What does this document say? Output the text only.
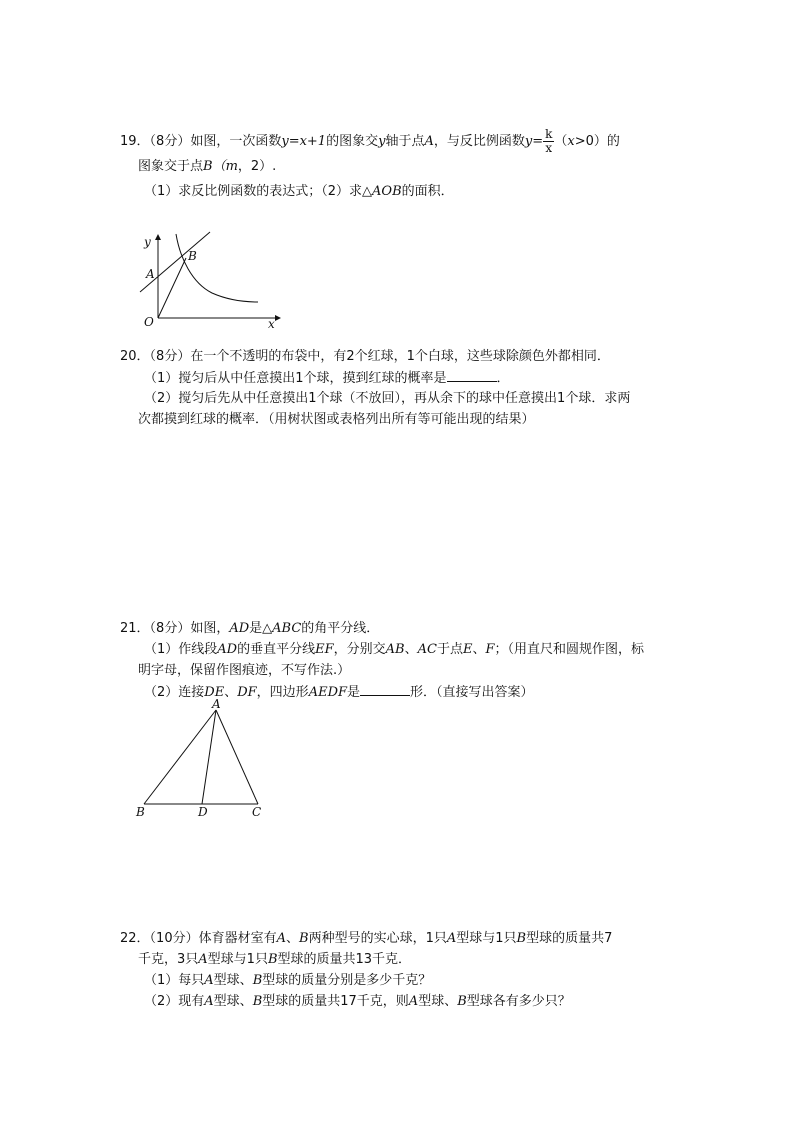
19．（8分）如图，一次函数y=x+1的图象交y轴于点A，与反比例函数$y= \frac{k}{x} (x>0)$的
图象交于点B（m，2）.
（1）求反比例函数的表达式；（2）求△AOB的面积．
y
x
A
B
O
20．（8分）在一个不透明的布袋中，有2个红球，1个白球，这些球除颜色外都相同．
（1）搅匀后从中任意摸出1个球，摸到红球的概率是	．
（2）搅匀后先从中任意摸出1个球（不放回），再从余下的球中任意摸出1个球．求两
次都摸到红球的概率．（用树状图或表格列出所有等可能出现的结果）
21．（8分）如图，AD是△ABC的角平分线．
（1）作线段AD的垂直平分线EF，分别交AB、AC于点E、F；（用直尺和圆规作图，标
明字母，保留作图痕迹，不写作法.）
（2）连接DE、DF，四边形AEDF是	形．（直接写出答案）
A
B	D	C
22．（10分）体育器材室有A、B两种型号的实心球，1只A型球与1只B型球的质量共7
千克，3只A型球与1只B型球的质量共13千克．
（1）每只A型球、B型球的质量分别是多少千克？
（2）现有A型球、B型球的质量共17千克，则A型球、B型球各有多少只？
